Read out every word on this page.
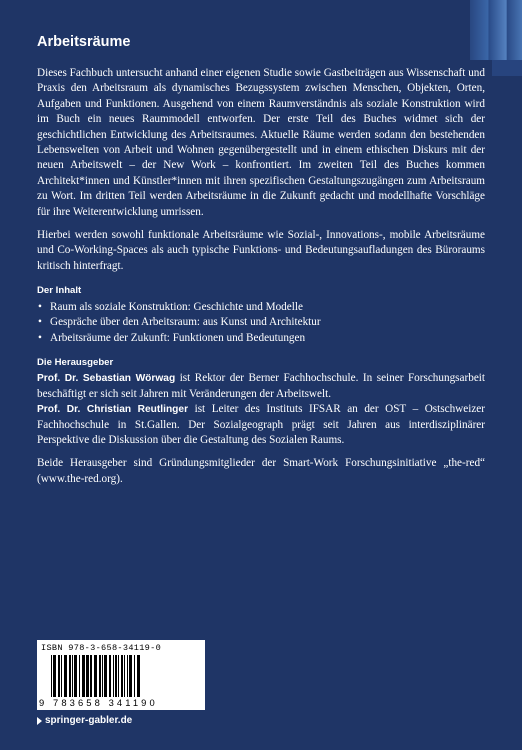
Arbeitsräume

Dieses Fachbuch untersucht anhand einer eigenen Studie sowie Gastbeiträgen aus Wissenschaft und Praxis den Arbeitsraum als dynamisches Bezugssystem zwischen Menschen, Objekten, Orten, Aufgaben und Funktionen. Ausgehend von einem Raumverständnis als soziale Konstruktion wird im Buch ein neues Raummodell entworfen. Der erste Teil des Buches widmet sich der geschichtlichen Entwicklung des Arbeitsraumes. Aktuelle Räume werden sodann den bestehenden Lebenswelten von Arbeit und Wohnen gegenübergestellt und in einem ethischen Diskurs mit der neuen Arbeitswelt – der New Work – konfrontiert. Im zweiten Teil des Buches kommen Architekt*innen und Künstler*innen mit ihren spezifischen Gestaltungszugängen zum Arbeitsraum zu Wort. Im dritten Teil werden Arbeitsräume in die Zukunft gedacht und modellhafte Vorschläge für ihre Weiterentwicklung umrissen.

Hierbei werden sowohl funktionale Arbeitsräume wie Sozial-, Innovations-, mobile Arbeitsräume und Co-Working-Spaces als auch typische Funktions- und Bedeutungsaufladungen des Büroraums kritisch hinterfragt.

Der Inhalt
• Raum als soziale Konstruktion: Geschichte und Modelle
• Gespräche über den Arbeitsraum: aus Kunst und Architektur
• Arbeitsräume der Zukunft: Funktionen und Bedeutungen
Die Herausgeber

Prof. Dr. Sebastian Wörwag ist Rektor der Berner Fachhochschule. In seiner Forschungsarbeit beschäftigt er sich seit Jahren mit Veränderungen der Arbeitswelt.

Prof. Dr. Christian Reutlinger ist Leiter des Instituts IFSAR an der OST – Ostschweizer Fachhochschule in St.Gallen. Der Sozialgeograph prägt seit Jahren aus interdisziplinärer Perspektive die Diskussion über die Gestaltung des Sozialen Raums.

Beide Herausgeber sind Gründungsmitglieder der Smart-Work Forschungsinitiative „the-red“ (www.the-red.org).

ISBN 978-3-658-34119-0
9 783658 341190
springer-gabler.de
